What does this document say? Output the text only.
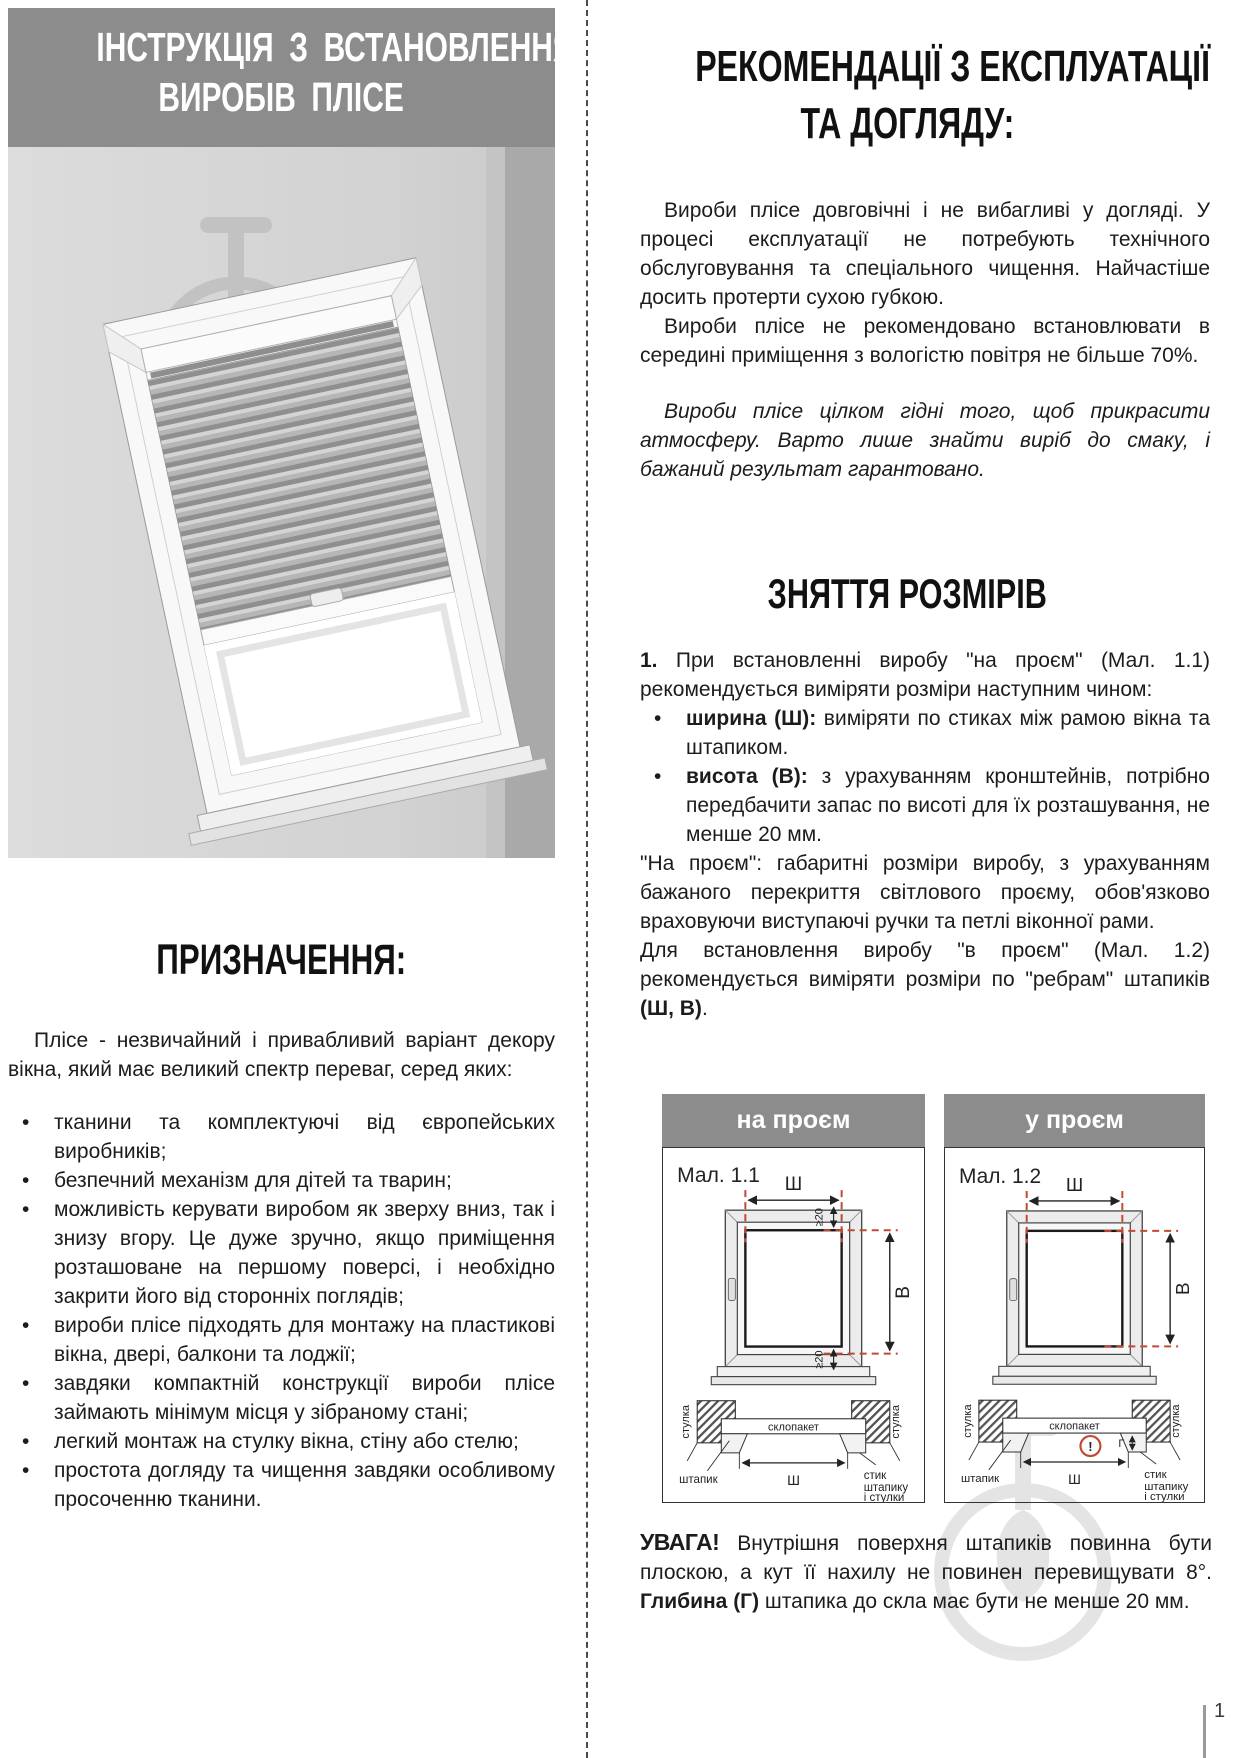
ІНСТРУКЦІЯ З ВСТАНОВЛЕННЯ
ВИРОБІВ ПЛІСЕ
ПРИЗНАЧЕННЯ:

Плісе - незвичайний і привабливий варіант декору вікна, який має великий спектр переваг, серед яких:

•	тканини та комплектуючі від європейських виробників;
•	безпечний механізм для дітей та тварин;
•	можливість керувати виробом як зверху вниз, так і знизу вгору. Це дуже зручно, якщо приміщення розташоване на першому поверсі, і необхідно закрити його від сторонніх поглядів;
•	вироби плісе підходять для монтажу на пластикові вікна, двері, балкони та лоджії;
•	завдяки компактній конструкції вироби плісе займають мінімум місця у зібраному стані;
•	легкий монтаж на стулку вікна, стіну або стелю;
•	простота догляду та чищення завдяки особливому просоченню тканини.
РЕКОМЕНДАЦІЇ З ЕКСПЛУАТАЦІЇ
ТА ДОГЛЯДУ:

Вироби плісе довговічні і не вибагливі у догляді. У процесі експлуатації не потребують технічного обслуговування та спеціального чищення. Найчастіше досить протерти сухою губкою.

Вироби плісе не рекомендовано встановлювати в середині приміщення з вологістю повітря не більше 70%.

Вироби плісе цілком гідні того, щоб прикрасити атмосферу. Варто лише знайти виріб до смаку, і бажаний результат гарантовано.

ЗНЯТТЯ РОЗМІРІВ

1. При встановленні виробу "на проєм" (Мал. 1.1) рекомендується виміряти розміри наступним чином:

•	ширина (Ш): виміряти по стиках між рамою вікна та штапиком.
•	висота (В): з урахуванням кронштейнів, потрібно передбачити запас по висоті для їх розташування, не менше 20 мм.

"На проєм": габаритні розміри виробу, з урахуванням бажаного перекриття світлового проєму, обов'язково враховуючи виступаючі ручки та петлі віконної рами.

Для встановлення виробу "в проєм" (Мал. 1.2) рекомендується виміряти розміри по "ребрам" штапиків (Ш, В).

на проєм
Мал. 1.1 Ш
В
≥20
≥20
склопакет
стулка	стулка
штапик	Ш	стик
штапику
і стулки
у проєм
Мал. 1.2 Ш
В
склопакет
стулка	стулка
штапик	Ш	стик
штапику
і стулки
! Г
УВАГА! Внутрішня поверхня штапиків повинна бути плоскою, а кут її нахилу не повинен перевищувати 8°. Глибина (Г) штапика до скла має бути не менше 20 мм.
1
